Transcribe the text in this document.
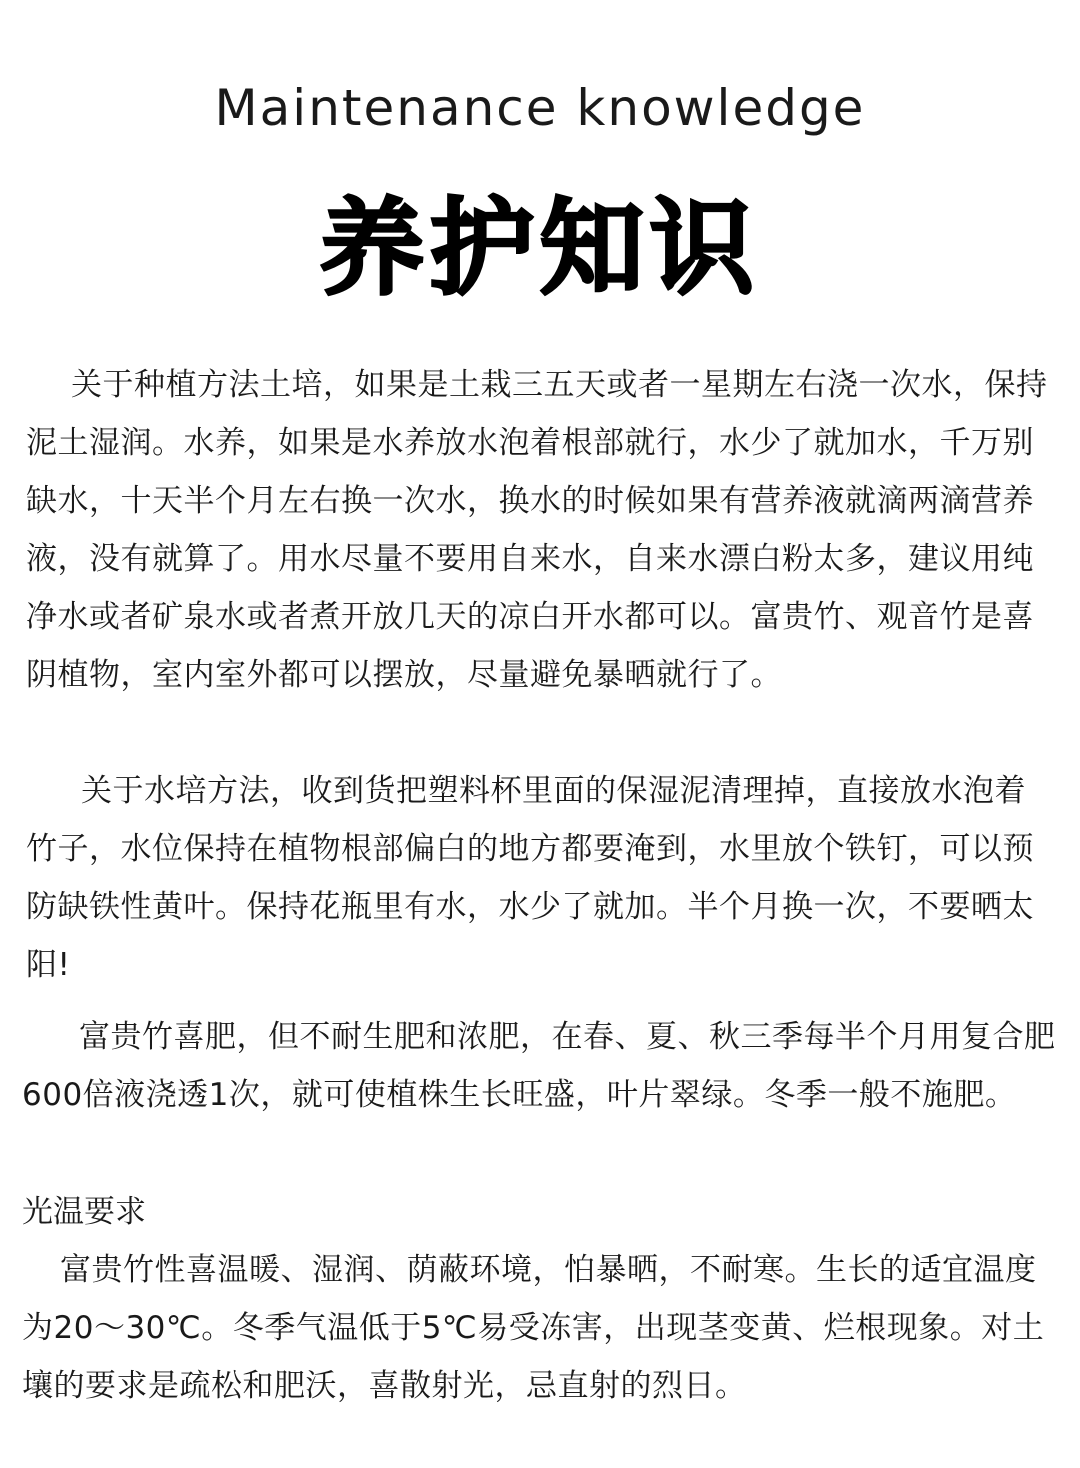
Maintenance knowledge
养护知识

关于种植方法土培，如果是土栽三五天或者一星期左右浇一次水，保持泥土湿润。水养，如果是水养放水泡着根部就行，水少了就加水，千万别缺水，十天半个月左右换一次水，换水的时候如果有营养液就滴两滴营养液，没有就算了。用水尽量不要用自来水，自来水漂白粉太多，建议用纯净水或者矿泉水或者煮开放几天的凉白开水都可以。富贵竹、观音竹是喜阴植物，室内室外都可以摆放，尽量避免暴晒就行了。

关于水培方法，收到货把塑料杯里面的保湿泥清理掉，直接放水泡着竹子，水位保持在植物根部偏白的地方都要淹到，水里放个铁钉，可以预防缺铁性黄叶。保持花瓶里有水，水少了就加。半个月换一次，不要晒太阳!

富贵竹喜肥，但不耐生肥和浓肥，在春、夏、秋三季每半个月用复合肥600倍液浇透1次，就可使植株生长旺盛，叶片翠绿。冬季一般不施肥。

光温要求

富贵竹性喜温暖、湿润、荫蔽环境，怕暴晒，不耐寒。生长的适宜温度为20～30℃。冬季气温低于5℃易受冻害，出现茎变黄、烂根现象。对土壤的要求是疏松和肥沃，喜散射光，忌直射的烈日。
